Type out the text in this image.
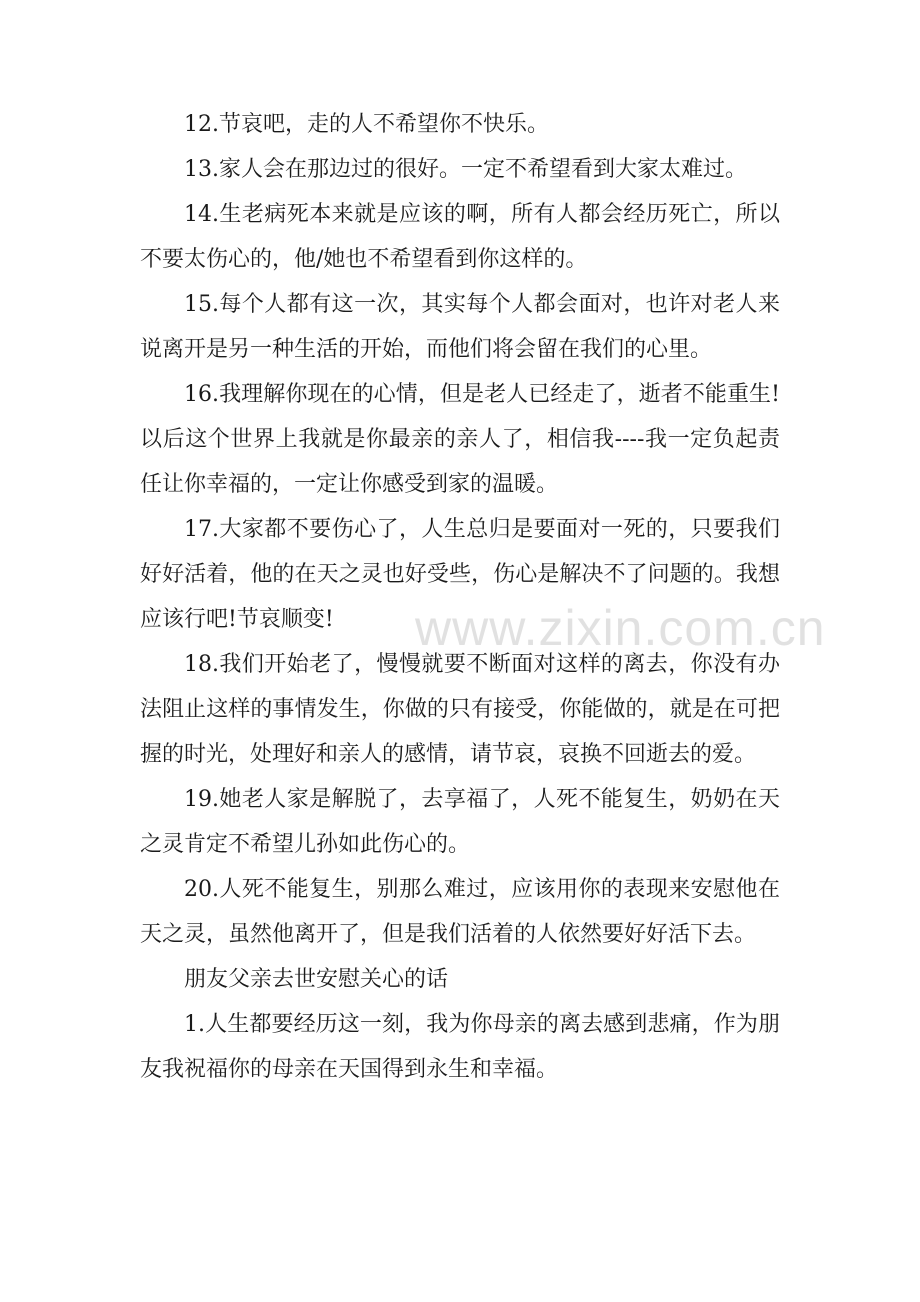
12.节哀吧，走的人不希望你不快乐。

13.家人会在那边过的很好。一定不希望看到大家太难过。

14.生老病死本来就是应该的啊，所有人都会经历死亡，所以不要太伤心的，他/她也不希望看到你这样的。

15.每个人都有这一次，其实每个人都会面对，也许对老人来说离开是另一种生活的开始，而他们将会留在我们的心里。

16.我理解你现在的心情，但是老人已经走了，逝者不能重生!以后这个世界上我就是你最亲的亲人了，相信我----我一定负起责任让你幸福的，一定让你感受到家的温暖。

17.大家都不要伤心了，人生总归是要面对一死的，只要我们好好活着，他的在天之灵也好受些，伤心是解决不了问题的。我想应该行吧!节哀顺变!

18.我们开始老了，慢慢就要不断面对这样的离去，你没有办法阻止这样的事情发生，你做的只有接受，你能做的，就是在可把握的时光，处理好和亲人的感情，请节哀，哀换不回逝去的爱。

19.她老人家是解脱了，去享福了，人死不能复生，奶奶在天之灵肯定不希望儿孙如此伤心的。

20.人死不能复生，别那么难过，应该用你的表现来安慰他在天之灵，虽然他离开了，但是我们活着的人依然要好好活下去。

朋友父亲去世安慰关心的话

1.人生都要经历这一刻，我为你母亲的离去感到悲痛，作为朋友我祝福你的母亲在天国得到永生和幸福。

www.zixin.com.cn
